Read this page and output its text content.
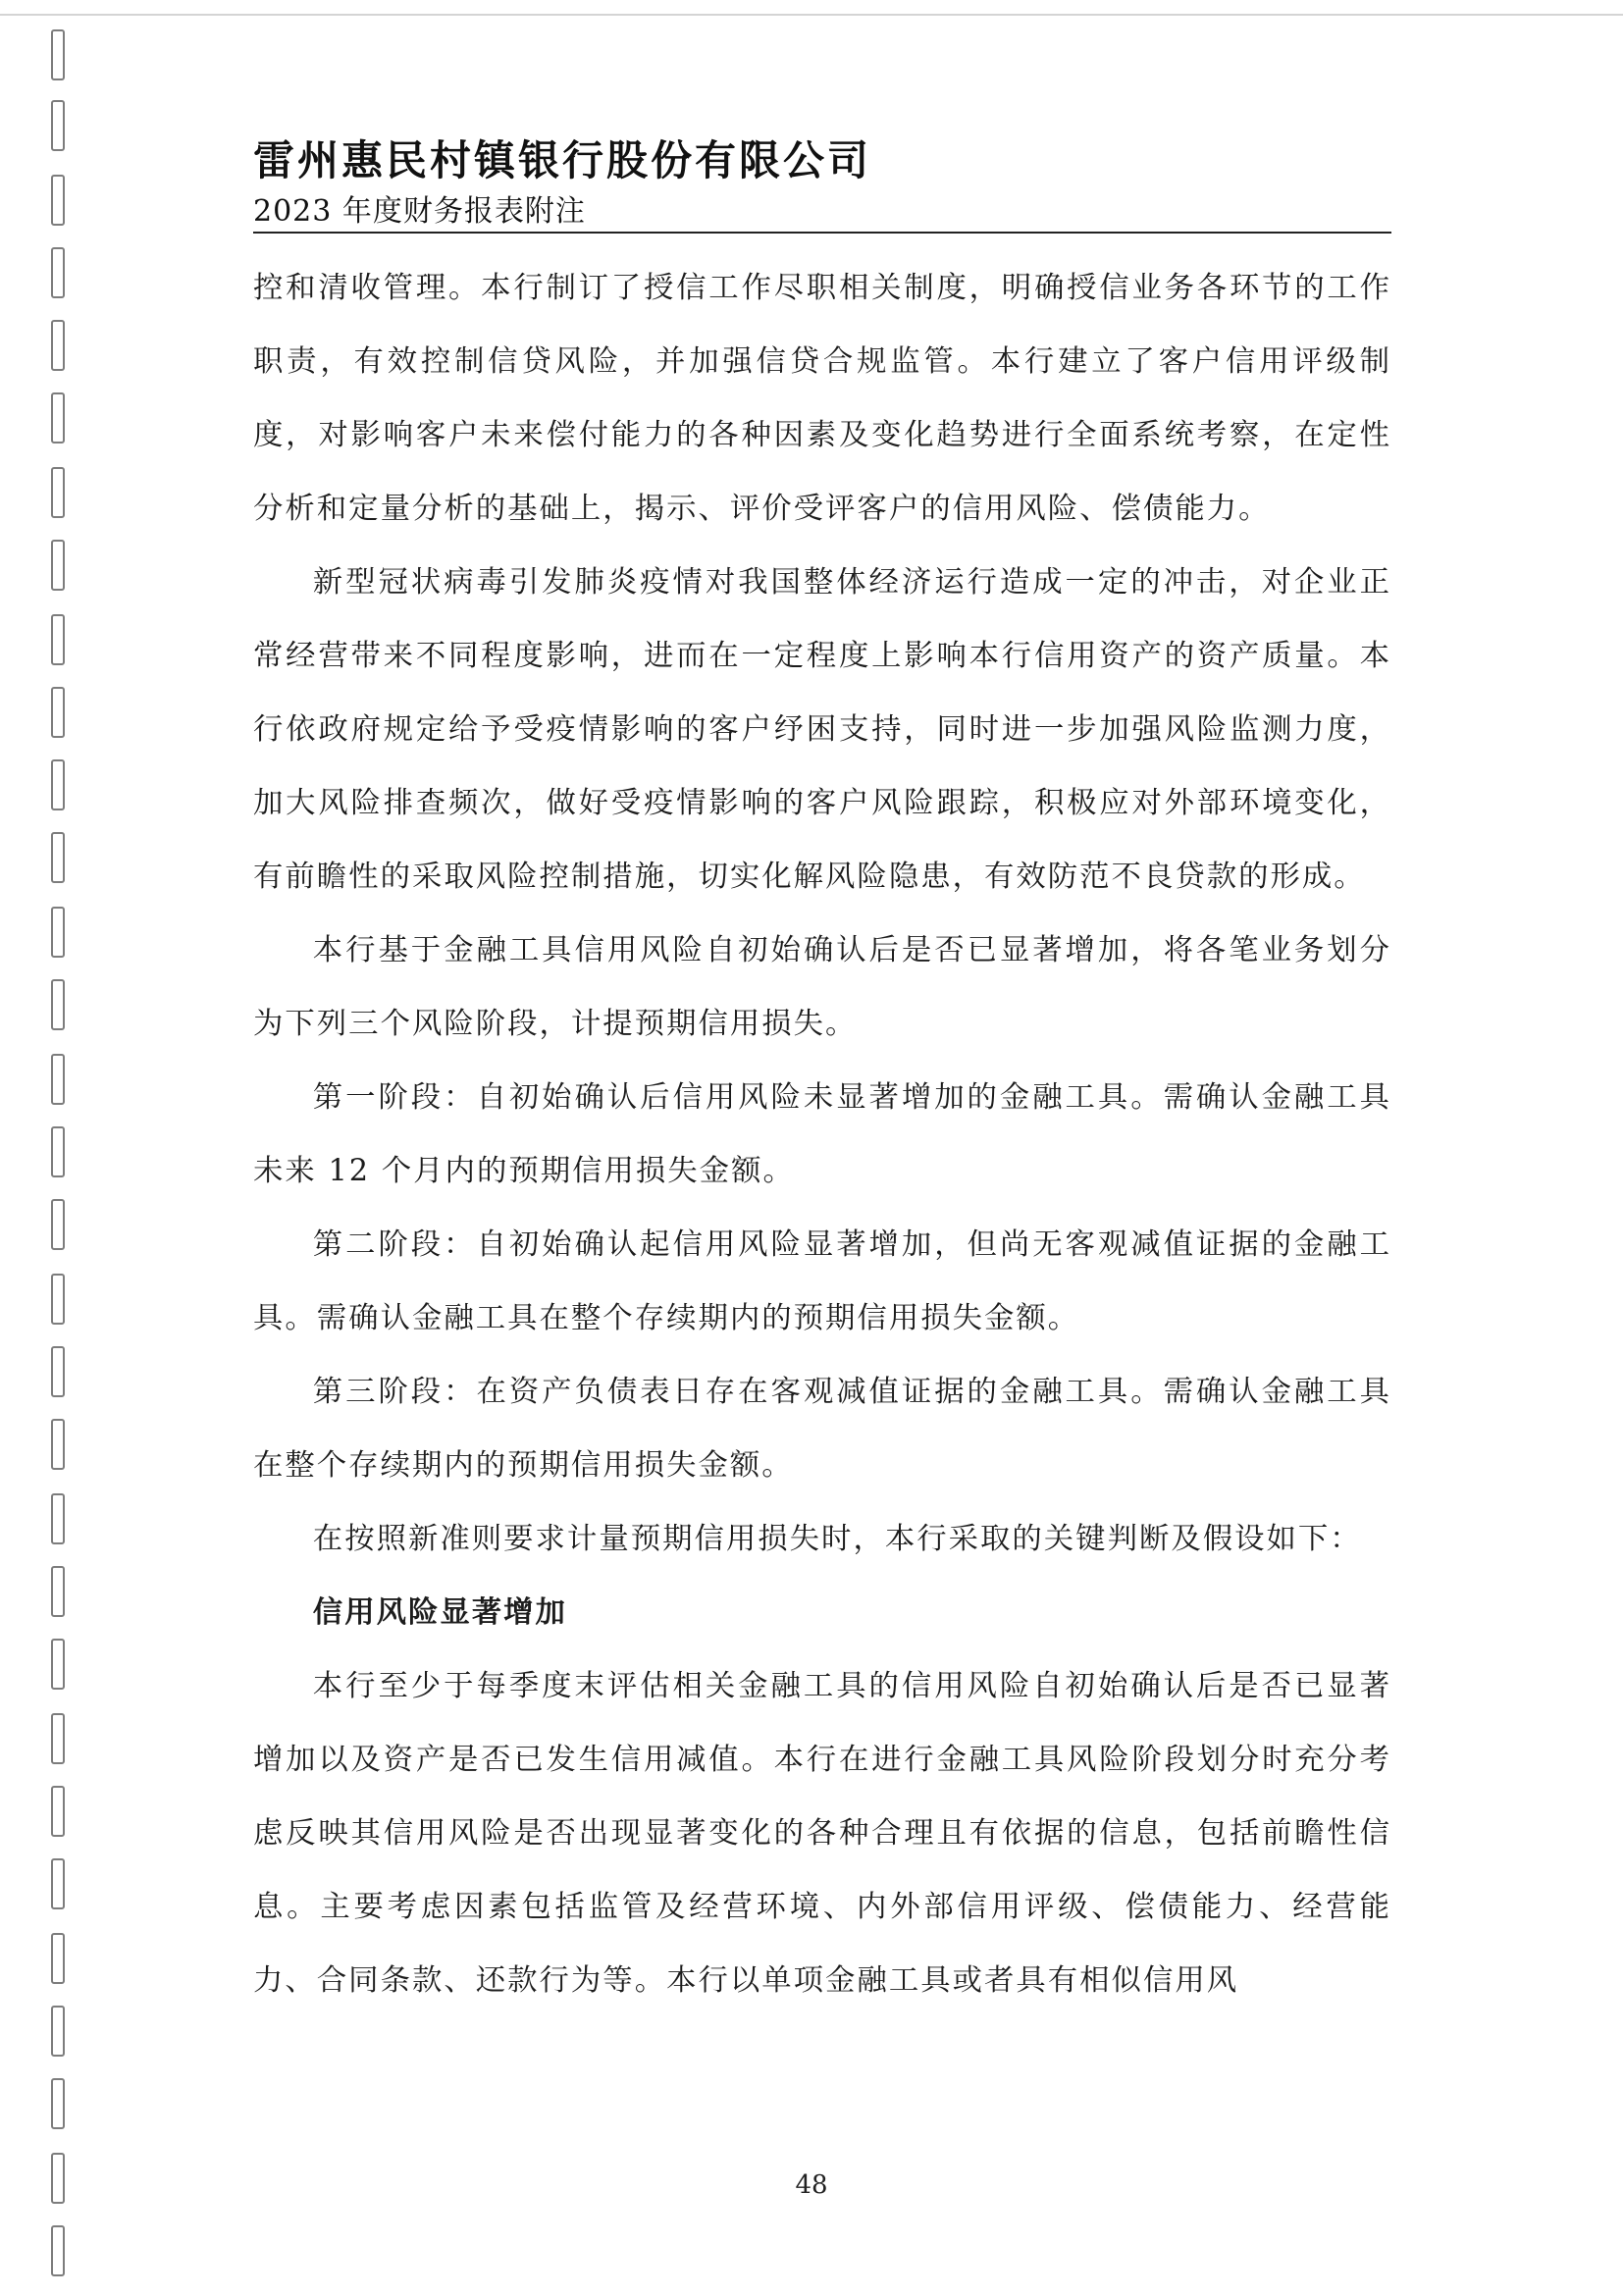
雷州惠民村镇银行股份有限公司
2023 年度财务报表附注

控和清收管理。本行制订了授信工作尽职相关制度，明确授信业务各环节的工作职责，有效控制信贷风险，并加强信贷合规监管。本行建立了客户信用评级制度，对影响客户未来偿付能力的各种因素及变化趋势进行全面系统考察，在定性分析和定量分析的基础上，揭示、评价受评客户的信用风险、偿债能力。

新型冠状病毒引发肺炎疫情对我国整体经济运行造成一定的冲击，对企业正常经营带来不同程度影响，进而在一定程度上影响本行信用资产的资产质量。本行依政府规定给予受疫情影响的客户纾困支持，同时进一步加强风险监测力度，加大风险排查频次，做好受疫情影响的客户风险跟踪，积极应对外部环境变化，有前瞻性的采取风险控制措施，切实化解风险隐患，有效防范不良贷款的形成。

本行基于金融工具信用风险自初始确认后是否已显著增加，将各笔业务划分为下列三个风险阶段，计提预期信用损失。

第一阶段：自初始确认后信用风险未显著增加的金融工具。需确认金融工具未来 12 个月内的预期信用损失金额。

第二阶段：自初始确认起信用风险显著增加，但尚无客观减值证据的金融工具。需确认金融工具在整个存续期内的预期信用损失金额。

第三阶段：在资产负债表日存在客观减值证据的金融工具。需确认金融工具在整个存续期内的预期信用损失金额。

在按照新准则要求计量预期信用损失时，本行采取的关键判断及假设如下：

信用风险显著增加

本行至少于每季度末评估相关金融工具的信用风险自初始确认后是否已显著增加以及资产是否已发生信用减值。本行在进行金融工具风险阶段划分时充分考虑反映其信用风险是否出现显著变化的各种合理且有依据的信息，包括前瞻性信息。主要考虑因素包括监管及经营环境、内外部信用评级、偿债能力、经营能力、合同条款、还款行为等。本行以单项金融工具或者具有相似信用风

48
